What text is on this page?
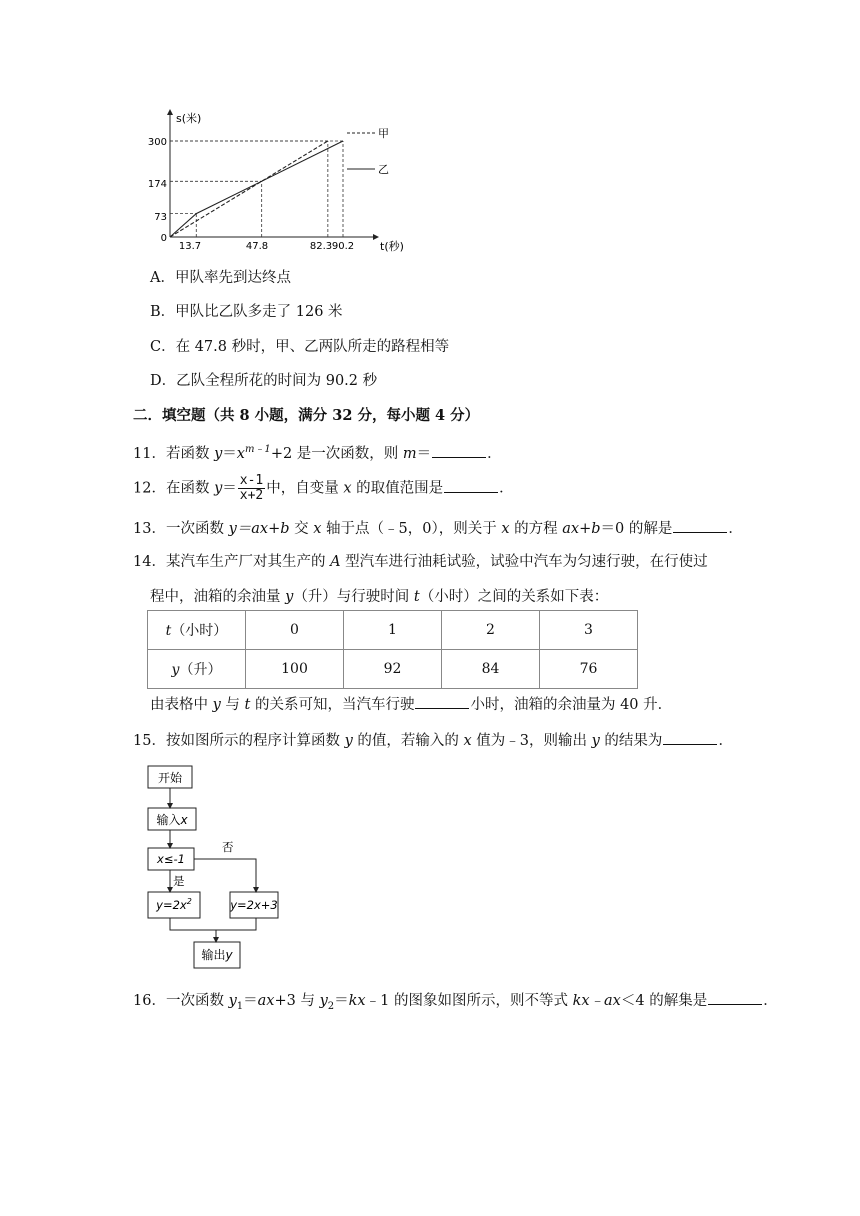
s(米)
t(秒)
300
174
73
0
13.7	47.8	82.3 90.2
甲
乙
A．甲队率先到达终点
B．甲队比乙队多走了 126 米
C．在 47.8 秒时，甲、乙两队所走的路程相等
D．乙队全程所花的时间为 90.2 秒
二．填空题（共 8 小题，满分 32 分，每小题 4 分）
11．若函数 $y=x^{m﹣1}+2$ 是一次函数，则 m＝	．
12．在函数 $y= \frac{x-1}{x+2}$ 中，自变量 x 的取值范围是	．
13．一次函数 y＝ax+b 交 x 轴于点（﹣5，0），则关于 x 的方程 ax+b＝0 的解是	．
14．某汽车生产厂对其生产的 A 型汽车进行油耗试验，试验中汽车为匀速行驶，在行使过
程中，油箱的余油量 y（升）与行驶时间 t（小时）之间的关系如下表：
t（小时）	0	1	2	3
y（升）	100	92	84	76
由表格中 y 与 t 的关系可知，当汽车行驶	小时，油箱的余油量为 40 升．
15．按如图所示的程序计算函数 y 的值，若输入的 x 值为﹣3，则输出 y 的结果为	．
开始
输入x
x≤-1
否
是
$y=2x^2$	y=2x+3
输出y
16．一次函数 $y_1=ax+3$ 与 $y_2=kx﹣1$ 的图象如图所示，则不等式 kx﹣ax＜4 的解集是	．
